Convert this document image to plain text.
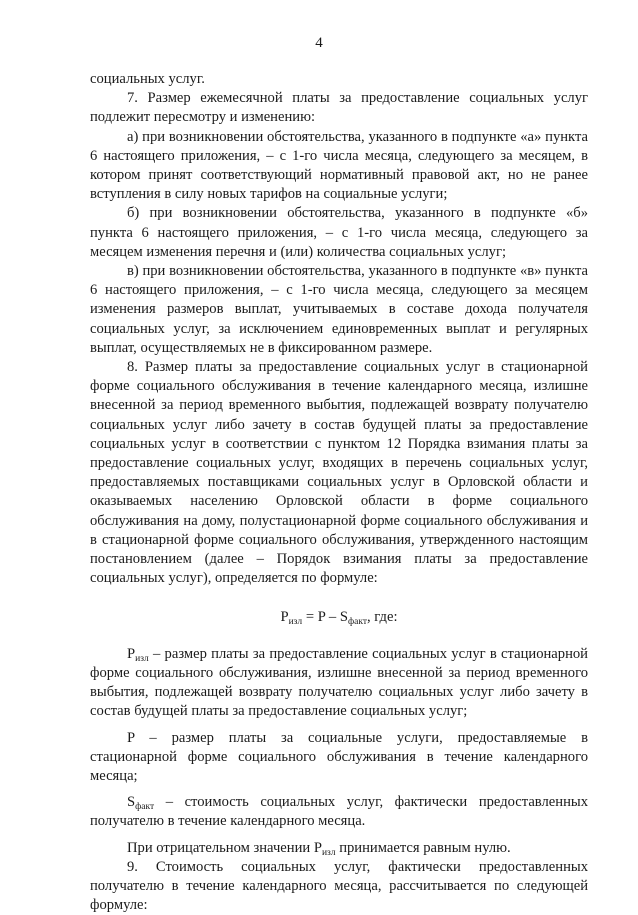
4

социальных услуг.

7. Размер ежемесячной платы за предоставление социальных услуг подлежит пересмотру и изменению:

а) при возникновении обстоятельства, указанного в подпункте «а» пункта 6 настоящего приложения, – с 1-го числа месяца, следующего за месяцем, в котором принят соответствующий нормативный правовой акт, но не ранее вступления в силу новых тарифов на социальные услуги;

б) при возникновении обстоятельства, указанного в подпункте «б» пункта 6 настоящего приложения, – с 1-го числа месяца, следующего за месяцем изменения перечня и (или) количества социальных услуг;

в) при возникновении обстоятельства, указанного в подпункте «в» пункта 6 настоящего приложения, – с 1-го числа месяца, следующего за месяцем изменения размеров выплат, учитываемых в составе дохода получателя социальных услуг, за исключением единовременных выплат и регулярных выплат, осуществляемых не в фиксированном размере.

8. Размер платы за предоставление социальных услуг в стационарной форме социального обслуживания в течение календарного месяца, излишне внесенной за период временного выбытия, подлежащей возврату получателю социальных услуг либо зачету в состав будущей платы за предоставление социальных услуг в соответствии с пунктом 12 Порядка взимания платы за предоставление социальных услуг, входящих в перечень социальных услуг, предоставляемых поставщиками социальных услуг в Орловской области и оказываемых населению Орловской области в форме социального обслуживания на дому, полустационарной форме социального обслуживания и в стационарной форме социального обслуживания, утвержденного настоящим постановлением (далее – Порядок взимания платы за предоставление социальных услуг), определяется по формуле:

$P_{изл} = P - S_{факт}$, где:

$P_{изл}$ – размер платы за предоставление социальных услуг в стационарной форме социального обслуживания, излишне внесенной за период временного выбытия, подлежащей возврату получателю социальных услуг либо зачету в состав будущей платы за предоставление социальных услуг;

P – размер платы за социальные услуги, предоставляемые в стационарной форме социального обслуживания в течение календарного месяца;

$S_{факт}$ – стоимость социальных услуг, фактически предоставленных получателю в течение календарного месяца.

При отрицательном значении $P_{изл}$ принимается равным нулю.

9. Стоимость социальных услуг, фактически предоставленных получателю в течение календарного месяца, рассчитывается по следующей формуле:
